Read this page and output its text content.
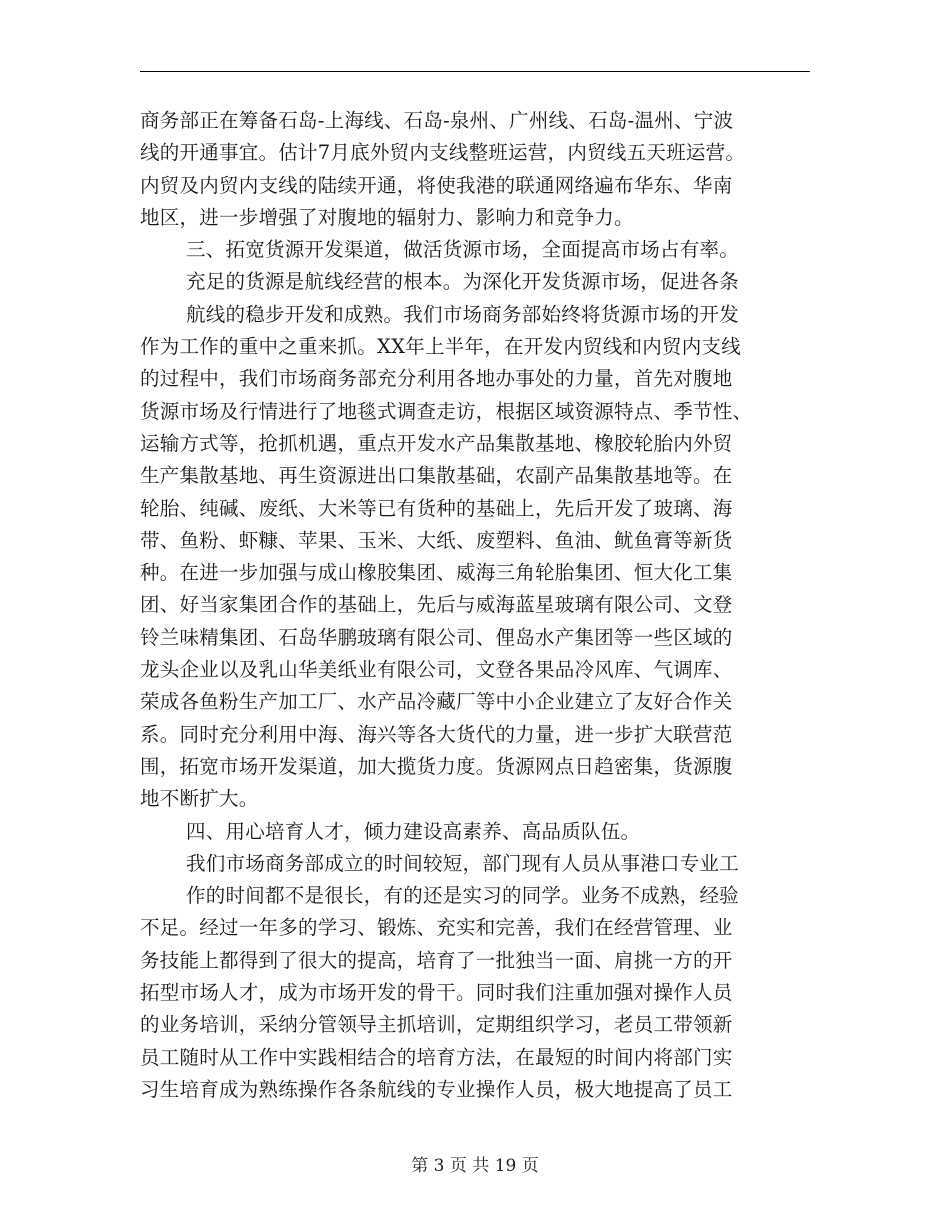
商务部正在筹备石岛-上海线、石岛-泉州、广州线、石岛-温州、宁波
线的开通事宜。估计7月底外贸内支线整班运营，内贸线五天班运营。
内贸及内贸内支线的陆续开通，将使我港的联通网络遍布华东、华南
地区，进一步增强了对腹地的辐射力、影响力和竞争力。
三、拓宽货源开发渠道，做活货源市场，全面提高市场占有率。
充足的货源是航线经营的根本。为深化开发货源市场，促进各条
航线的稳步开发和成熟。我们市场商务部始终将货源市场的开发
作为工作的重中之重来抓。XX年上半年，在开发内贸线和内贸内支线
的过程中，我们市场商务部充分利用各地办事处的力量，首先对腹地
货源市场及行情进行了地毯式调查走访，根据区域资源特点、季节性、
运输方式等，抢抓机遇，重点开发水产品集散基地、橡胶轮胎内外贸
生产集散基地、再生资源进出口集散基础，农副产品集散基地等。在
轮胎、纯碱、废纸、大米等已有货种的基础上，先后开发了玻璃、海
带、鱼粉、虾糠、苹果、玉米、大纸、废塑料、鱼油、鱿鱼膏等新货
种。在进一步加强与成山橡胶集团、威海三角轮胎集团、恒大化工集
团、好当家集团合作的基础上，先后与威海蓝星玻璃有限公司、文登
铃兰味精集团、石岛华鹏玻璃有限公司、俚岛水产集团等一些区域的
龙头企业以及乳山华美纸业有限公司，文登各果品冷风库、气调库、
荣成各鱼粉生产加工厂、水产品冷藏厂等中小企业建立了友好合作关
系。同时充分利用中海、海兴等各大货代的力量，进一步扩大联营范
围，拓宽市场开发渠道，加大揽货力度。货源网点日趋密集，货源腹
地不断扩大。
四、用心培育人才，倾力建设高素养、高品质队伍。
我们市场商务部成立的时间较短，部门现有人员从事港口专业工
作的时间都不是很长，有的还是实习的同学。业务不成熟，经验
不足。经过一年多的学习、锻炼、充实和完善，我们在经营管理、业
务技能上都得到了很大的提高，培育了一批独当一面、肩挑一方的开
拓型市场人才，成为市场开发的骨干。同时我们注重加强对操作人员
的业务培训，采纳分管领导主抓培训，定期组织学习，老员工带领新
员工随时从工作中实践相结合的培育方法，在最短的时间内将部门实
习生培育成为熟练操作各条航线的专业操作人员，极大地提高了员工
第 3 页 共 19 页
